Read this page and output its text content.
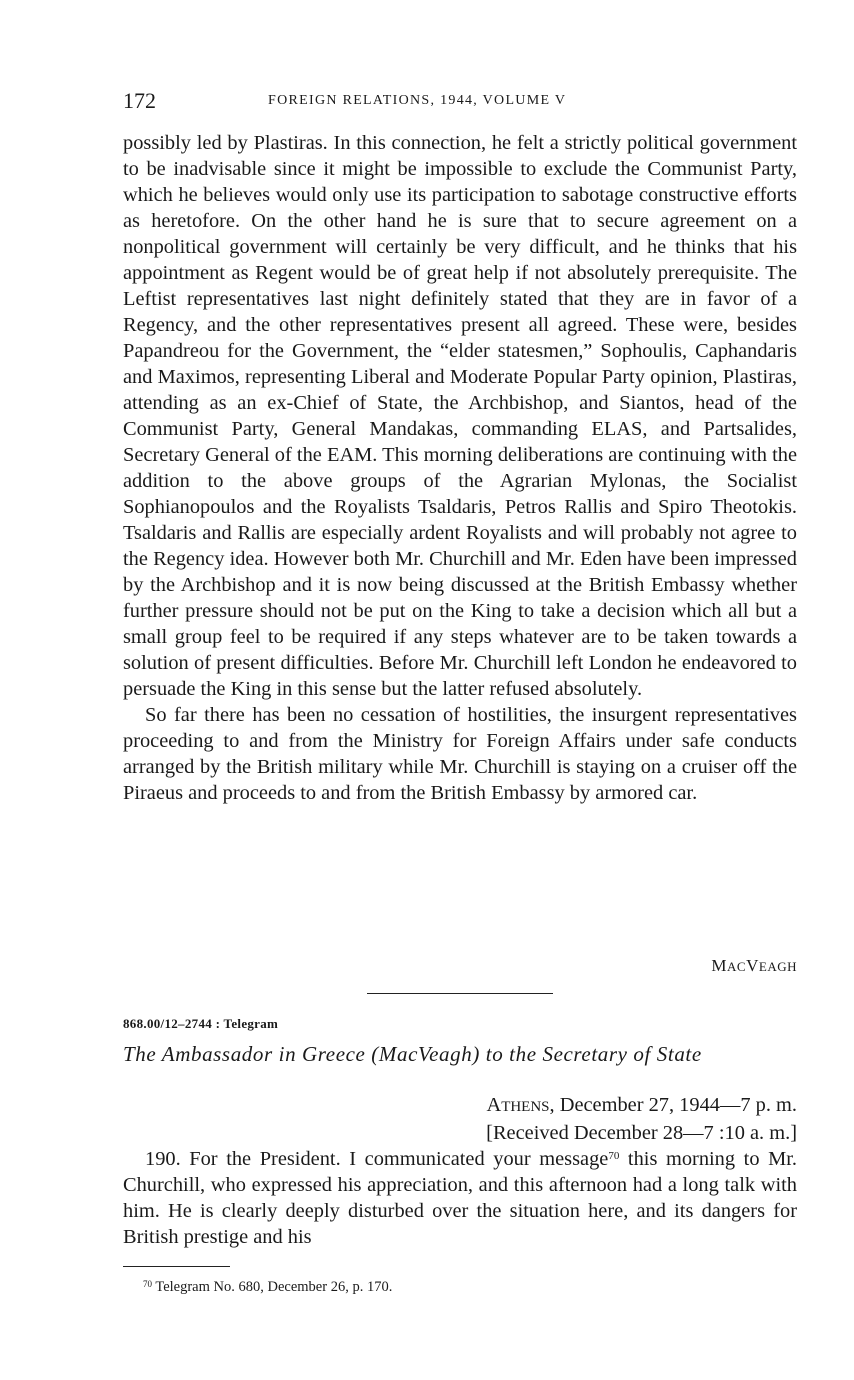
172	FOREIGN RELATIONS, 1944, VOLUME V

possibly led by Plastiras. In this connection, he felt a strictly political government to be inadvisable since it might be impossible to exclude the Communist Party, which he believes would only use its participation to sabotage constructive efforts as heretofore. On the other hand he is sure that to secure agreement on a nonpolitical government will certainly be very difficult, and he thinks that his appointment as Regent would be of great help if not absolutely prerequisite. The Leftist representatives last night definitely stated that they are in favor of a Regency, and the other representatives present all agreed. These were, besides Papandreou for the Government, the “elder statesmen,” Sophoulis, Caphandaris and Maximos, representing Liberal and Moderate Popular Party opinion, Plastiras, attending as an ex-Chief of State, the Archbishop, and Siantos, head of the Communist Party, General Mandakas, commanding ELAS, and Partsalides, Secretary General of the EAM. This morning deliberations are continuing with the addition to the above groups of the Agrarian Mylonas, the Socialist Sophianopoulos and the Royalists Tsaldaris, Petros Rallis and Spiro Theotokis. Tsaldaris and Rallis are especially ardent Royalists and will probably not agree to the Regency idea. However both Mr. Churchill and Mr. Eden have been impressed by the Archbishop and it is now being discussed at the British Embassy whether further pressure should not be put on the King to take a decision which all but a small group feel to be required if any steps whatever are to be taken towards a solution of present difficulties. Before Mr. Churchill left London he endeavored to persuade the King in this sense but the latter refused absolutely.

So far there has been no cessation of hostilities, the insurgent representatives proceeding to and from the Ministry for Foreign Affairs under safe conducts arranged by the British military while Mr. Churchill is staying on a cruiser off the Piraeus and proceeds to and from the British Embassy by armored car.

MACVEAGH
868.00/12–2744 : Telegram
The Ambassador in Greece (MacVeagh) to the Secretary of State
ATHENS, December 27, 1944—7 p. m.
[Received December 28—7 :10 a. m.]

190. For the President. I communicated your message$^{70}$ this morning to Mr. Churchill, who expressed his appreciation, and this afternoon had a long talk with him. He is clearly deeply disturbed over the situation here, and its dangers for British prestige and his

$^{70}$ Telegram No. 680, December 26, p. 170.
